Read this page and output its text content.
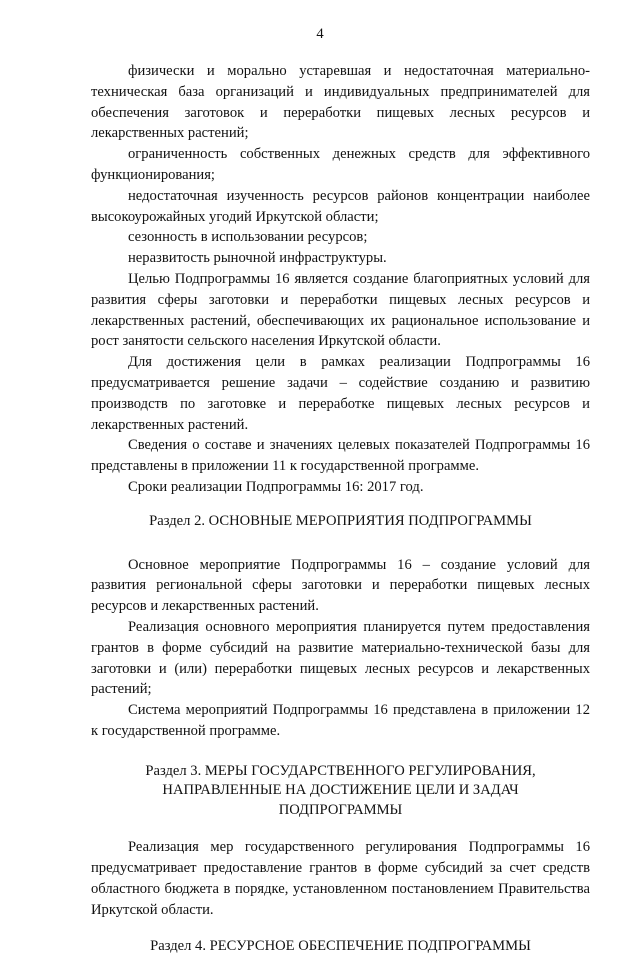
4

физически и морально устаревшая и недостаточная материально-техническая база организаций и индивидуальных предпринимателей для обеспечения заготовок и переработки пищевых лесных ресурсов и лекарственных растений;

ограниченность собственных денежных средств для эффективного функционирования;

недостаточная изученность ресурсов районов концентрации наиболее высокоурожайных угодий Иркутской области;

сезонность в использовании ресурсов;

неразвитость рыночной инфраструктуры.

Целью Подпрограммы 16 является создание благоприятных условий для развития сферы заготовки и переработки пищевых лесных ресурсов и лекарственных растений, обеспечивающих их рациональное использование и рост занятости сельского населения Иркутской области.

Для достижения цели в рамках реализации Подпрограммы 16 предусматривается решение задачи – содействие созданию и развитию производств по заготовке и переработке пищевых лесных ресурсов и лекарственных растений.

Сведения о составе и значениях целевых показателей Подпрограммы 16 представлены в приложении 11 к государственной программе.

Сроки реализации Подпрограммы 16: 2017 год.

Раздел 2. ОСНОВНЫЕ МЕРОПРИЯТИЯ ПОДПРОГРАММЫ

Основное мероприятие Подпрограммы 16 – создание условий для развития региональной сферы заготовки и переработки пищевых лесных ресурсов и лекарственных растений.

Реализация основного мероприятия планируется путем предоставления грантов в форме субсидий на развитие материально-технической базы для заготовки и (или) переработки пищевых лесных ресурсов и лекарственных растений;

Система мероприятий Подпрограммы 16 представлена в приложении 12 к государственной программе.

Раздел 3. МЕРЫ ГОСУДАРСТВЕННОГО РЕГУЛИРОВАНИЯ,
НАПРАВЛЕННЫЕ НА ДОСТИЖЕНИЕ ЦЕЛИ И ЗАДАЧ
ПОДПРОГРАММЫ

Реализация мер государственного регулирования Подпрограммы 16 предусматривает предоставление грантов в форме субсидий за счет средств областного бюджета в порядке, установленном постановлением Правительства Иркутской области.

Раздел 4. РЕСУРСНОЕ ОБЕСПЕЧЕНИЕ ПОДПРОГРАММЫ
